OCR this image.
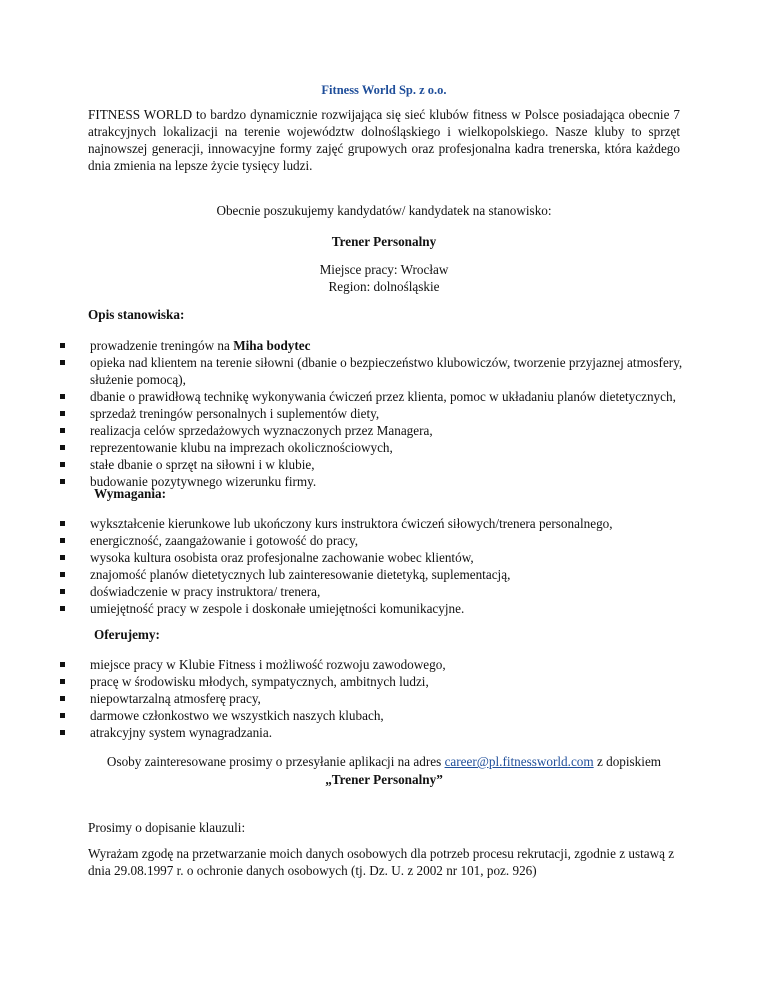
Fitness World Sp. z o.o.
FITNESS WORLD to bardzo dynamicznie rozwijająca się sieć klubów fitness w Polsce posiadająca obecnie 7 atrakcyjnych lokalizacji na terenie województw dolnośląskiego i wielkopolskiego. Nasze kluby to sprzęt najnowszej generacji, innowacyjne formy zajęć grupowych oraz profesjonalna kadra trenerska, która każdego dnia zmienia na lepsze życie tysięcy ludzi.
Obecnie poszukujemy kandydatów/ kandydatek na stanowisko:
Trener Personalny
Miejsce pracy: Wrocław
Region: dolnośląskie
Opis stanowiska:
prowadzenie treningów na Miha bodytec
opieka nad klientem na terenie siłowni (dbanie o bezpieczeństwo klubowiczów, tworzenie przyjaznej atmosfery, służenie pomocą),
dbanie o prawidłową technikę wykonywania ćwiczeń przez klienta, pomoc w układaniu planów dietetycznych,
sprzedaż treningów personalnych i suplementów diety,
realizacja celów sprzedażowych wyznaczonych przez Managera,
reprezentowanie klubu na imprezach okolicznościowych,
stałe dbanie o sprzęt na siłowni i w klubie,
budowanie pozytywnego wizerunku firmy.
Wymagania:
wykształcenie kierunkowe lub ukończony kurs instruktora ćwiczeń siłowych/trenera personalnego,
energiczność, zaangażowanie i gotowość do pracy,
wysoka kultura osobista oraz profesjonalne zachowanie wobec klientów,
znajomość planów dietetycznych lub zainteresowanie dietetyką, suplementacją,
doświadczenie w pracy instruktora/ trenera,
umiejętność pracy w zespole i doskonałe umiejętności komunikacyjne.
Oferujemy:
miejsce pracy w Klubie Fitness i możliwość rozwoju zawodowego,
pracę w środowisku młodych, sympatycznych, ambitnych ludzi,
niepowtarzalną atmosferę pracy,
darmowe członkostwo we wszystkich naszych klubach,
atrakcyjny system wynagradzania.
Osoby zainteresowane prosimy o przesyłanie aplikacji na adres career@pl.fitnessworld.com z dopiskiem
„Trener Personalny”
Prosimy o dopisanie klauzuli:
Wyrażam zgodę na przetwarzanie moich danych osobowych dla potrzeb procesu rekrutacji, zgodnie z ustawą z dnia 29.08.1997 r. o ochronie danych osobowych (tj. Dz. U. z 2002 nr 101, poz. 926)
